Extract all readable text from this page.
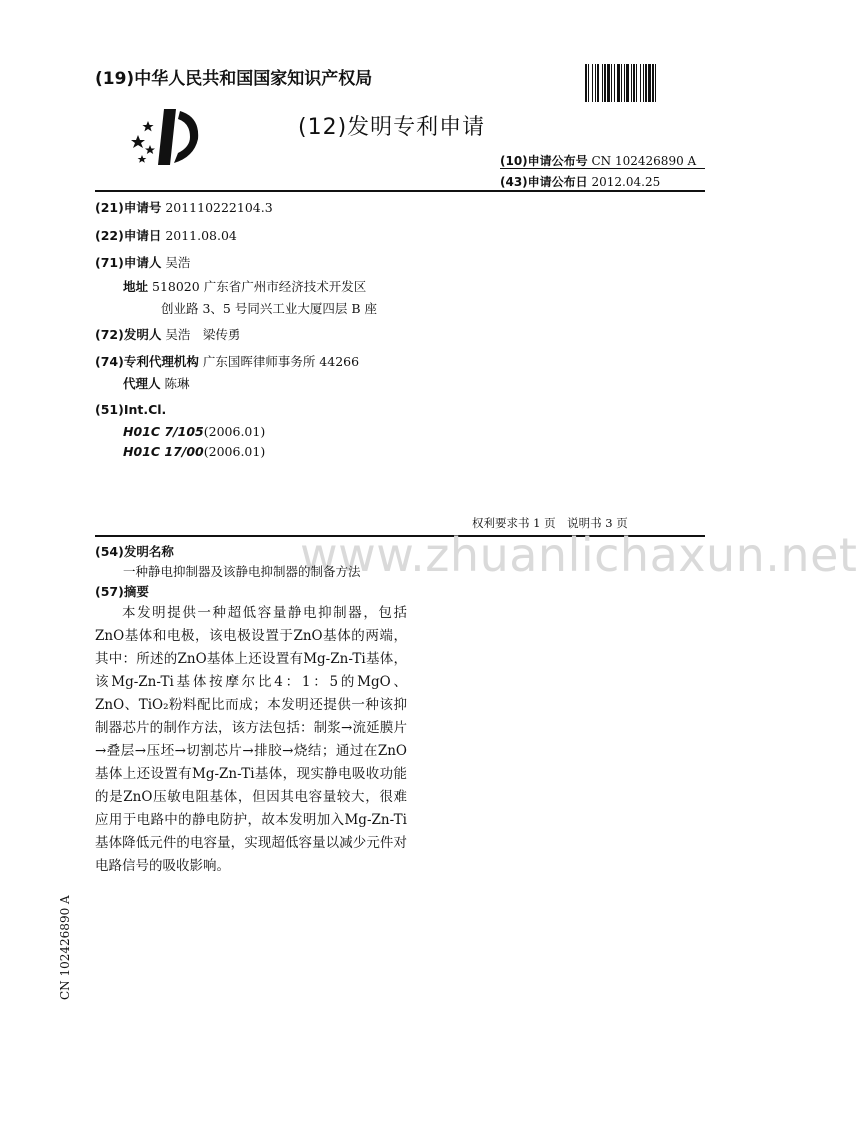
(19)中华人民共和国国家知识产权局
(12)发明专利申请
(10)申请公布号 CN 102426890 A
(43)申请公布日 2012.04.25
(21)申请号 201110222104.3
(22)申请日 2011.08.04
(71)申请人 吴浩
地址 518020 广东省广州市经济技术开发区
创业路 3、5 号同兴工业大厦四层 B 座
(72)发明人 吴浩　梁传勇
(74)专利代理机构 广东国晖律师事务所 44266
代理人 陈琳
(51)Int.Cl.
H01C 7/105(2006.01)
H01C 17/00(2006.01)
权利要求书 1 页　说明书 3 页
www.zhuanlichaxun.net
(54)发明名称
一种静电抑制器及该静电抑制器的制备方法
(57)摘要

本发明提供一种超低容量静电抑制器，包括ZnO基体和电极，该电极设置于ZnO基体的两端，其中：所述的ZnO基体上还设置有Mg-Zn-Ti基体，该Mg-Zn-Ti基体按摩尔比4：1：5的MgO、ZnO、TiO₂粉料配比而成；本发明还提供一种该抑制器芯片的制作方法，该方法包括：制浆→流延膜片→叠层→压坯→切割芯片→排胶→烧结；通过在ZnO基体上还设置有Mg-Zn-Ti基体，现实静电吸收功能的是ZnO压敏电阻基体，但因其电容量较大，很难应用于电路中的静电防护，故本发明加入Mg-Zn-Ti基体降低元件的电容量，实现超低容量以减少元件对电路信号的吸收影响。

CN 102426890 A
